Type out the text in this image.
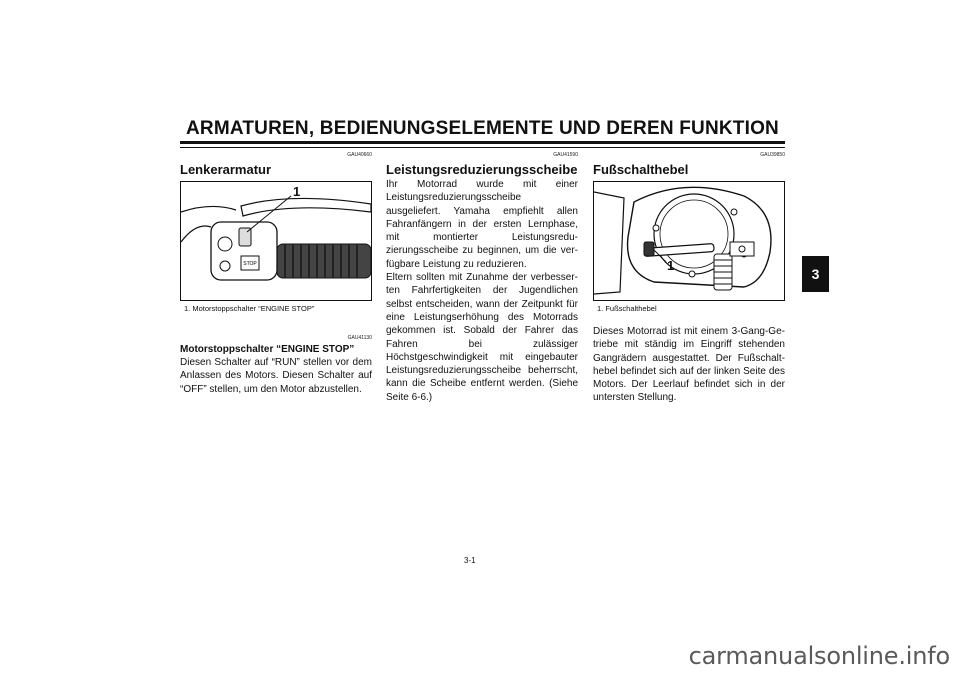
ARMATUREN, BEDIENUNGSELEMENTE UND DEREN FUNKTION
GAU40660
Lenkerarmatur
STOP
1
1. Motorstoppschalter “ENGINE STOP”
GAU41130
Motorstoppschalter “ENGINE STOP”

Diesen Schalter auf “RUN” stellen vor dem Anlassen des Motors. Diesen Schalter auf “OFF” stellen, um den Motor abzustellen.

GAU41590
Leistungsreduzierungsscheibe

Ihr Motorrad wurde mit einer Leistungsreduzierungsscheibe ausgeliefert. Yamaha empfiehlt allen Fahranfängern in der ersten Lernphase, mit montierter Leistungsreduzierungsscheibe zu beginnen, um die verfügbare Leistung zu reduzieren.

Eltern sollten mit Zunahme der verbesserten Fahrfertigkeiten der Jugendlichen selbst entscheiden, wann der Zeitpunkt für eine Leistungserhöhung des Motorrads gekommen ist. Sobald der Fahrer das Fahren bei zulässiger Höchstgeschwindigkeit mit eingebauter Leistungsreduzierungsscheibe beherrscht, kann die Scheibe entfernt werden. (Siehe Seite 6-6.)

GAU39850
Fußschalthebel
1
1. Fußschalthebel

Dieses Motorrad ist mit einem 3-Gang-Getriebe mit ständig im Eingriff stehenden Gangrädern ausgestattet. Der Fußschalthebel befindet sich auf der linken Seite des Motors. Der Leerlauf befindet sich in der untersten Stellung.

3
3-1
carmanualsonline.info
